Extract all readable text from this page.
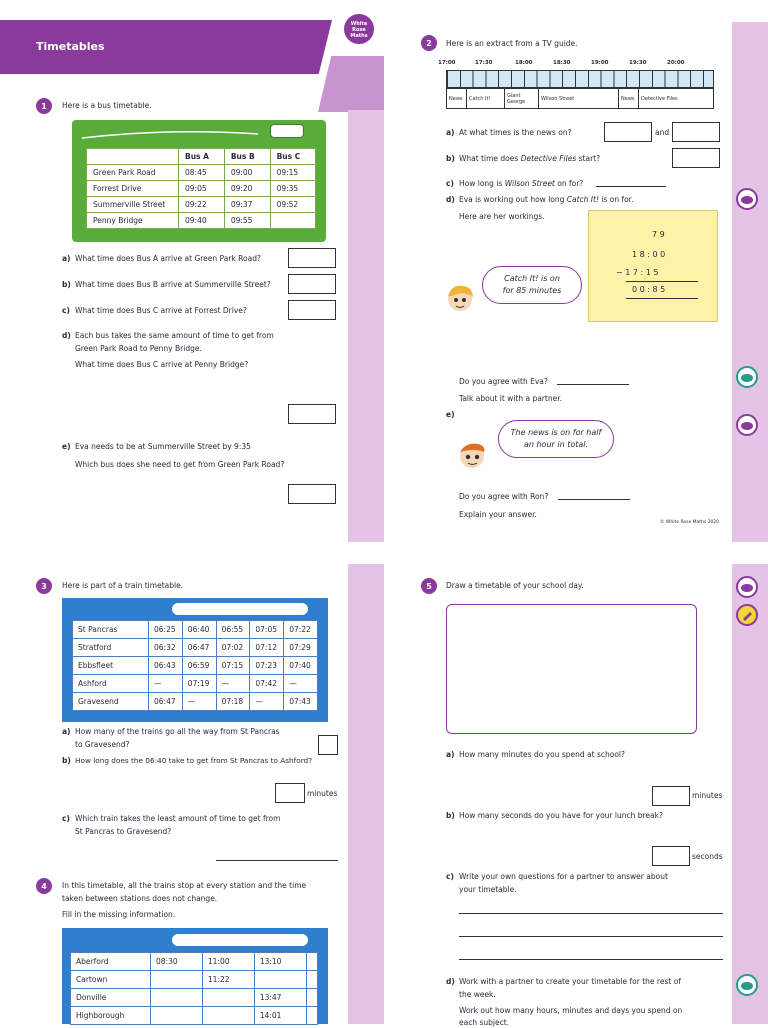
Timetables
White
Rose
Maths
1	Here is a bus timetable.
	Bus A	Bus B	Bus C
Green Park Road	08:45	09:00	09:15
Forrest Drive	09:05	09:20	09:35
Summerville Street	09:22	09:37	09:52
Penny Bridge	09:40	09:55	
a) What time does Bus A arrive at Green Park Road?
b) What time does Bus B arrive at Summerville Street?
c) What time does Bus C arrive at Forrest Drive?
d) Each bus takes the same amount of time to get from
Green Park Road to Penny Bridge.
What time does Bus C arrive at Penny Bridge?
e) Eva needs to be at Summerville Street by 9:35
Which bus does she need to get from Green Park Road?
2	Here is an extract from a TV guide.
17:00	17:30	18:00	18:30	19:00	19:30	20:00
News	Catch It!	Giant George	Wilson Street	News	Detective Files
a) At what times is the news on?	and
b) What time does Detective Files start?
c) How long is Wilson Street on for?
d) Eva is working out how long Catch It! is on for.
Here are her workings.
7 9
1 8 : 0 0
− 1 7 : 1 5
0 0 : 8 5
Catch It! is on
for 85 minutes
Do you agree with Eva?
Talk about it with a partner.
e)
The news is on for half
an hour in total.
Do you agree with Ron?
Explain your answer.
© White Rose Maths 2020
3	Here is part of a train timetable.
St Pancras	06:25	06:40	06:55	07:05	07:22
Stratford	06:32	06:47	07:02	07:12	07:29
Ebbsfleet	06:43	06:59	07:15	07:23	07:40
Ashford	—	07:19	—	07:42	—
Gravesend	06:47	—	07:18	—	07:43
a) How many of the trains go all the way from St Pancras
to Gravesend?
b) How long does the 06:40 take to get from St Pancras to Ashford?
minutes
c) Which train takes the least amount of time to get from
St Pancras to Gravesend?
4	In this timetable, all the trains stop at every station and the time
taken between stations does not change.
Fill in the missing information.
Aberford	08:30	11:00	13:10	
Cartown		11:22		
Donville			13:47	
Highborough			14:01	
5	Draw a timetable of your school day.
a) How many minutes do you spend at school?
minutes
b) How many seconds do you have for your lunch break?
seconds
c) Write your own questions for a partner to answer about
your timetable.
d) Work with a partner to create your timetable for the rest of
the week.
Work out how many hours, minutes and days you spend on
each subject.
